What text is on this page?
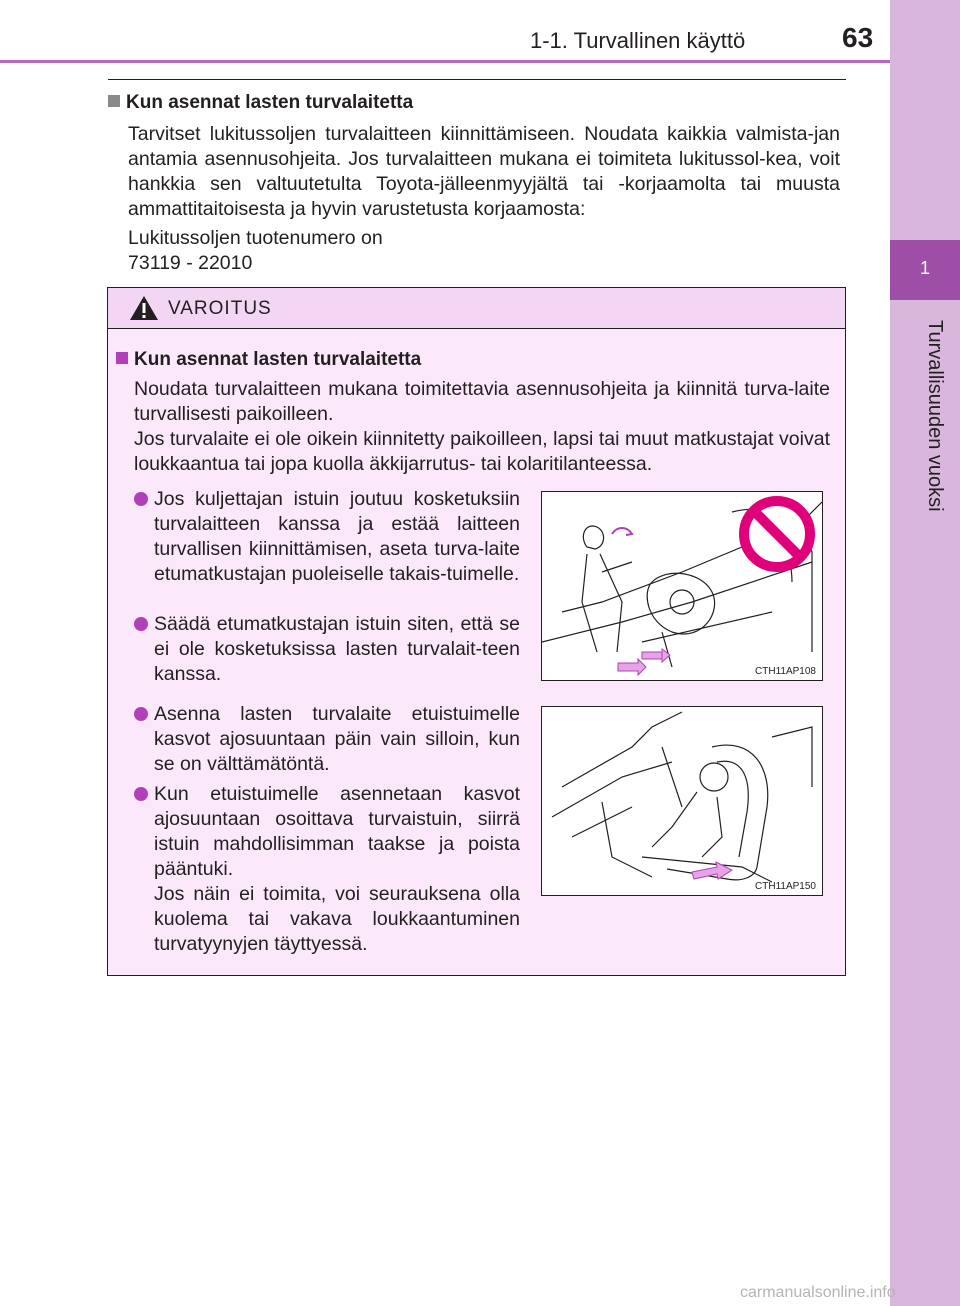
1-1. Turvallinen käyttö	63
1
Turvallisuuden vuoksi
Kun asennat lasten turvalaitetta
Tarvitset lukitussoljen turvalaitteen kiinnittämiseen. Noudata kaikkia valmista-jan antamia asennusohjeita. Jos turvalaitteen mukana ei toimiteta lukitussol-kea, voit hankkia sen valtuutetulta Toyota-jälleenmyyjältä tai -korjaamolta tai muusta ammattitaitoisesta ja hyvin varustetusta korjaamosta:
Lukitussoljen tuotenumero on
73119 - 22010
VAROITUS
Kun asennat lasten turvalaitetta
Noudata turvalaitteen mukana toimitettavia asennusohjeita ja kiinnitä turva-laite turvallisesti paikoilleen.
Jos turvalaite ei ole oikein kiinnitetty paikoilleen, lapsi tai muut matkustajat voivat loukkaantua tai jopa kuolla äkkijarrutus- tai kolaritilanteessa.
Jos kuljettajan istuin joutuu kosketuksiin turvalaitteen kanssa ja estää laitteen turvallisen kiinnittämisen, aseta turva-laite etumatkustajan puoleiselle takais-tuimelle.
Säädä etumatkustajan istuin siten, että se ei ole kosketuksissa lasten turvalait-teen kanssa.
Asenna lasten turvalaite etuistuimelle kasvot ajosuuntaan päin vain silloin, kun se on välttämätöntä.
Kun etuistuimelle asennetaan kasvot ajosuuntaan osoittava turvaistuin, siirrä istuin mahdollisimman taakse ja poista pääntuki.
Jos näin ei toimita, voi seurauksena olla kuolema tai vakava loukkaantuminen turvatyynyjen täyttyessä.
CTH11AP108
CTH11AP150
carmanualsonline.info
